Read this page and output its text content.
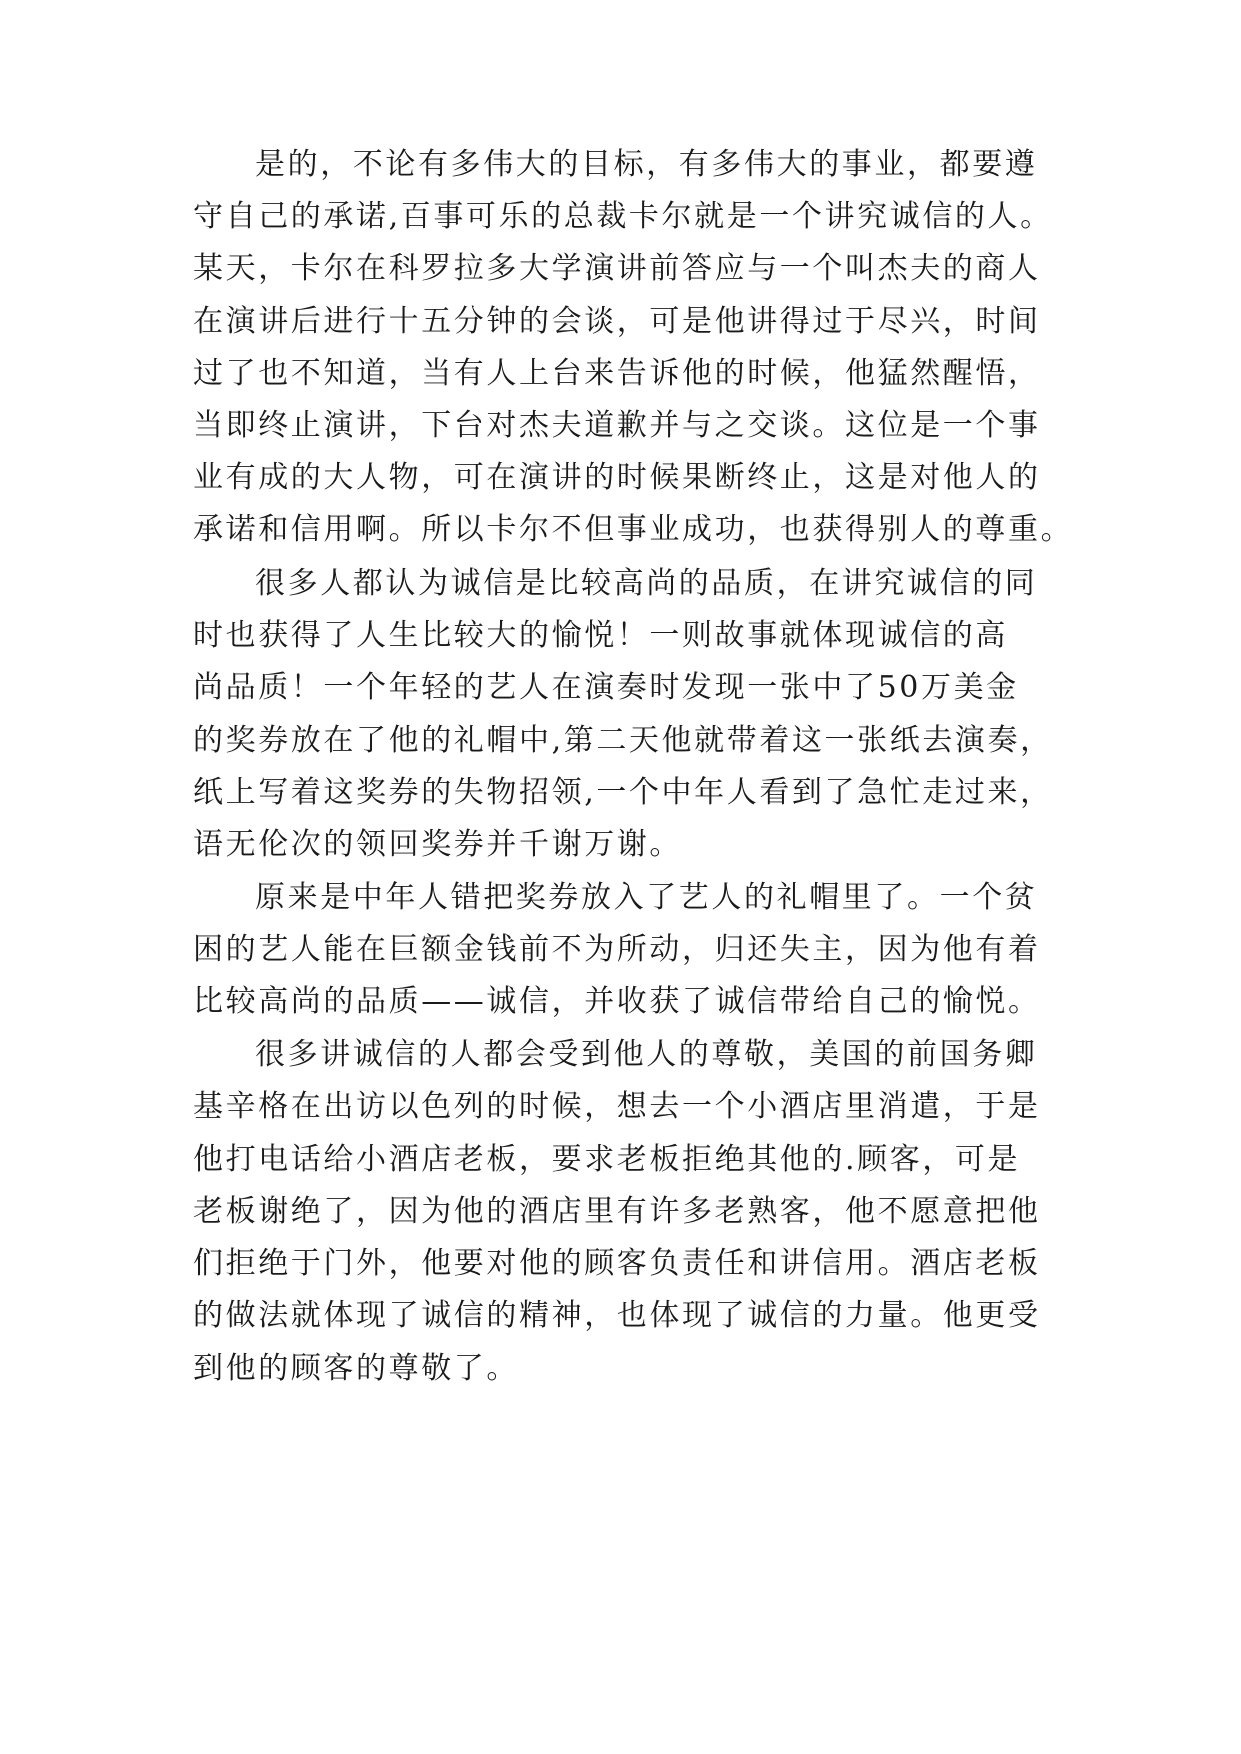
是的，不论有多伟大的目标，有多伟大的事业，都要遵
守自己的承诺,百事可乐的总裁卡尔就是一个讲究诚信的人。
某天，卡尔在科罗拉多大学演讲前答应与一个叫杰夫的商人
在演讲后进行十五分钟的会谈，可是他讲得过于尽兴，时间
过了也不知道，当有人上台来告诉他的时候，他猛然醒悟，
当即终止演讲，下台对杰夫道歉并与之交谈。这位是一个事
业有成的大人物，可在演讲的时候果断终止，这是对他人的
承诺和信用啊。所以卡尔不但事业成功，也获得别人的尊重。
很多人都认为诚信是比较高尚的品质，在讲究诚信的同
时也获得了人生比较大的愉悦！一则故事就体现诚信的高
尚品质！一个年轻的艺人在演奏时发现一张中了50万美金
的奖券放在了他的礼帽中,第二天他就带着这一张纸去演奏，
纸上写着这奖券的失物招领,一个中年人看到了急忙走过来，
语无伦次的领回奖券并千谢万谢。
原来是中年人错把奖券放入了艺人的礼帽里了。一个贫
困的艺人能在巨额金钱前不为所动，归还失主，因为他有着
比较高尚的品质——诚信，并收获了诚信带给自己的愉悦。
很多讲诚信的人都会受到他人的尊敬，美国的前国务卿
基辛格在出访以色列的时候，想去一个小酒店里消遣，于是
他打电话给小酒店老板，要求老板拒绝其他的.顾客，可是
老板谢绝了，因为他的酒店里有许多老熟客，他不愿意把他
们拒绝于门外，他要对他的顾客负责任和讲信用。酒店老板
的做法就体现了诚信的精神，也体现了诚信的力量。他更受
到他的顾客的尊敬了。
